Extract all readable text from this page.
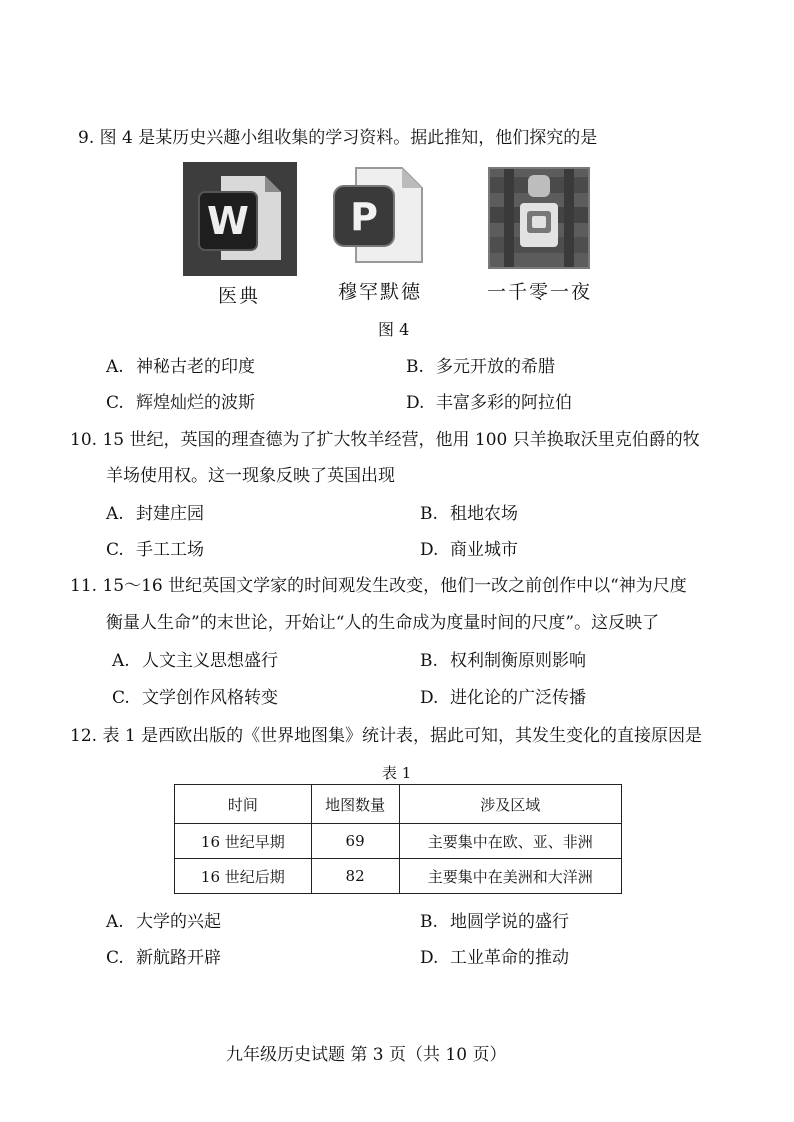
9. 图 4 是某历史兴趣小组收集的学习资料。据此推知，他们探究的是
W	P
医典	穆罕默德	一千零一夜
图 4
A. 神秘古老的印度	B. 多元开放的希腊
C. 辉煌灿烂的波斯	D. 丰富多彩的阿拉伯
10. 15 世纪，英国的理查德为了扩大牧羊经营，他用 100 只羊换取沃里克伯爵的牧
羊场使用权。这一现象反映了英国出现
A. 封建庄园	B. 租地农场
C. 手工工场	D. 商业城市
11. 15～16 世纪英国文学家的时间观发生改变，他们一改之前创作中以“神为尺度
衡量人生命”的末世论，开始让“人的生命成为度量时间的尺度”。这反映了
A. 人文主义思想盛行	B. 权利制衡原则影响
C. 文学创作风格转变	D. 进化论的广泛传播
12. 表 1 是西欧出版的《世界地图集》统计表，据此可知，其发生变化的直接原因是
表 1
时间	地图数量	涉及区域
16 世纪早期	69	主要集中在欧、亚、非洲
16 世纪后期	82	主要集中在美洲和大洋洲
A. 大学的兴起	B. 地圆学说的盛行
C. 新航路开辟	D. 工业革命的推动
九年级历史试题 第 3 页（共 10 页）
